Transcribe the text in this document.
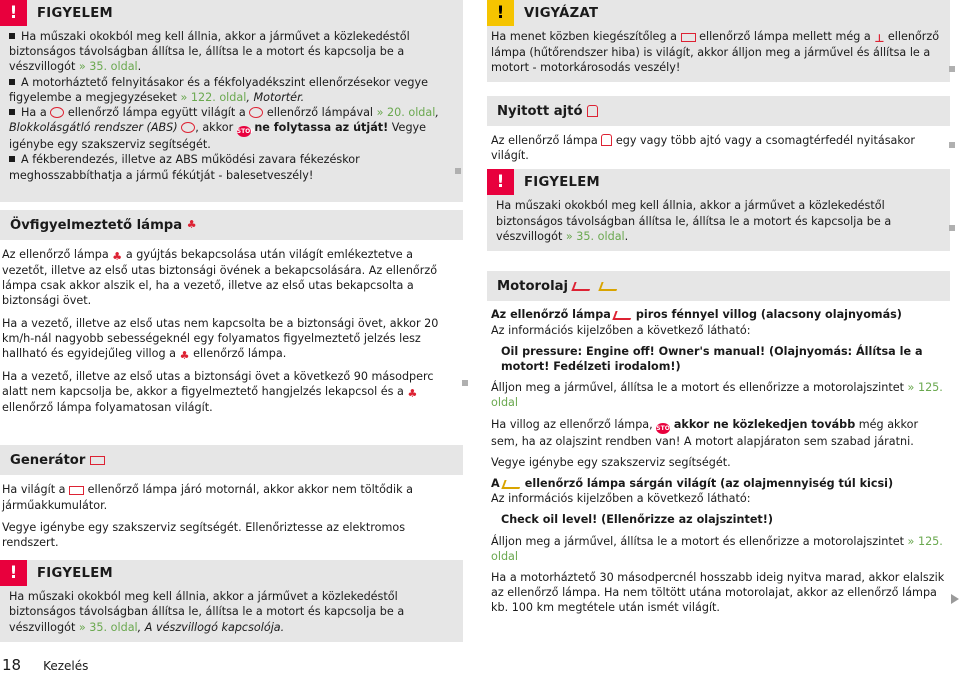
!	FIGYELEM

Ha műszaki okokból meg kell állnia, akkor a járművet a közlekedéstől biztonságos távolságban állítsa le, állítsa le a motort és kapcsolja be a vészvillogót » 35. oldal.

A motorháztető felnyitásakor és a fékfolyadékszint ellenőrzésekor vegye figyelembe a megjegyzéseket » 122. oldal, Motortér.

Ha a ellenőrző lámpa együtt világít a ellenőrző lámpával » 20. oldal, Blokkolásgátló rendszer (ABS) , akkor STOP ne folytassa az útját! Vegye igénybe egy szakszerviz segítségét.

A fékberendezés, illetve az ABS működési zavara fékezéskor meghosszabbíthatja a jármű fékútját - balesetveszély!

Övfigyelmeztető lámpa
♣

Az ellenőrző lámpa ♣ a gyújtás bekapcsolása után világít emlékeztetve a vezetőt, illetve az első utas biztonsági övének a bekapcsolására. Az ellenőrző lámpa csak akkor alszik el, ha a vezető, illetve az első utas bekapcsolta a biztonsági övet.

Ha a vezető, illetve az első utas nem kapcsolta be a biztonsági övet, akkor 20 km/h-nál nagyobb sebességeknél egy folyamatos figyelmeztető jelzés lesz hallható és egyidejűleg villog a ♣ ellenőrző lámpa.

Ha a vezető, illetve az első utas a biztonsági övet a következő 90 másodperc alatt nem kapcsolja be, akkor a figyelmeztető hangjelzés lekapcsol és a ♣ ellenőrző lámpa folyamatosan világít.

Generátor

Ha világít a ellenőrző lámpa járó motornál, akkor akkor nem töltődik a járműakkumulátor.

Vegye igénybe egy szakszerviz segítségét. Ellenőriztesse az elektromos rendszert.

!	FIGYELEM

Ha műszaki okokból meg kell állnia, akkor a járművet a közlekedéstől biztonságos távolságban állítsa le, állítsa le a motort és kapcsolja be a vészvillogót » 35. oldal, A vészvillogó kapcsolója.

!	VIGYÁZAT

Ha menet közben kiegészítőleg a ellenőrző lámpa mellett még a ⊥ ellenőrző lámpa (hűtőrendszer hiba) is világít, akkor álljon meg a járművel és állítsa le a motort - motorkárosodás veszély!

Nyitott ajtó

Az ellenőrző lámpa egy vagy több ajtó vagy a csomagtérfedél nyitásakor világít.

!	FIGYELEM

Ha műszaki okokból meg kell állnia, akkor a járművet a közlekedéstől biztonságos távolságban állítsa le, állítsa le a motort és kapcsolja be a vészvillogót » 35. oldal.

Motorolaj

Az ellenőrző lámpa piros fénnyel villog (alacsony olajnyomás)

Az információs kijelzőben a következő látható:

Oil pressure: Engine off! Owner's manual! (Olajnyomás: Állítsa le a motort! Fedélzeti irodalom!)

Álljon meg a járművel, állítsa le a motort és ellenőrizze a motorolajszintet » 125. oldal

Ha villog az ellenőrző lámpa, STOP akkor ne közlekedjen tovább még akkor sem, ha az olajszint rendben van! A motort alapjáraton sem szabad járatni.

Vegye igénybe egy szakszerviz segítségét.

A ellenőrző lámpa sárgán világít (az olajmennyiség túl kicsi)

Az információs kijelzőben a következő látható:

Check oil level! (Ellenőrizze az olajszintet!)

Álljon meg a járművel, állítsa le a motort és ellenőrizze a motorolajszintet » 125. oldal

Ha a motorháztető 30 másodpercnél hosszabb ideig nyitva marad, akkor elalszik az ellenőrző lámpa. Ha nem töltött utána motorolajat, akkor az ellenőrző lámpa kb. 100 km megtétele után ismét világít.

18 Kezelés
